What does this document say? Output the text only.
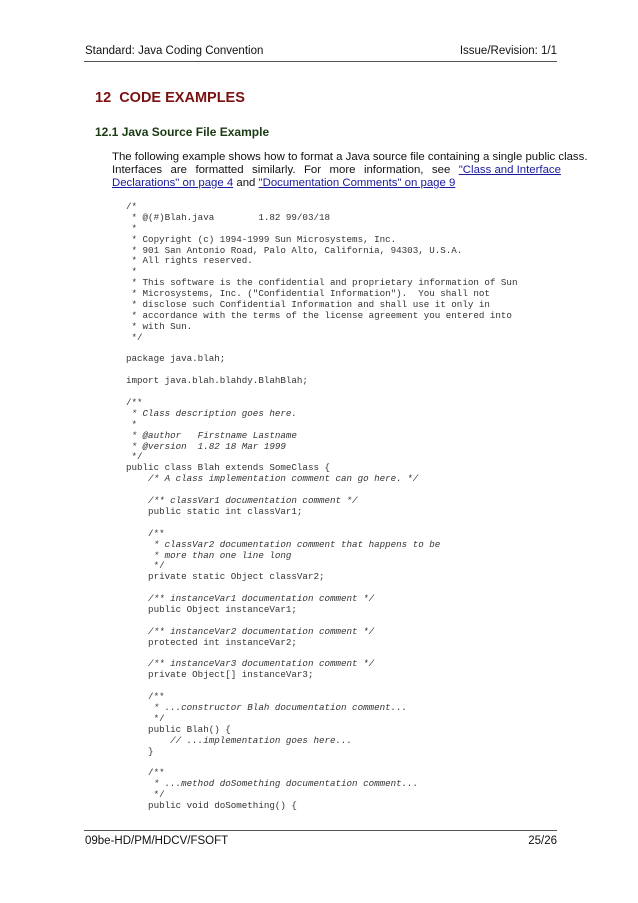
Standard: Java Coding Convention	Issue/Revision: 1/1
12 CODE EXAMPLES
12.1 Java Source File Example
The following example shows how to format a Java source file containing a single public class.
Interfaces are formatted similarly. For more information, see "Class and Interface
Declarations" on page 4 and "Documentation Comments" on page 9
/*
* @(#)Blah.java        1.82 99/03/18
*
* Copyright (c) 1994-1999 Sun Microsystems, Inc.
* 901 San Antonio Road, Palo Alto, California, 94303, U.S.A.
* All rights reserved.
*
* This software is the confidential and proprietary information of Sun
* Microsystems, Inc. ("Confidential Information").  You shall not
* disclose such Confidential Information and shall use it only in
* accordance with the terms of the license agreement you entered into
* with Sun.
*/
package java.blah;
import java.blah.blahdy.BlahBlah;
/**
* Class description goes here.
*
* @author   Firstname Lastname
* @version  1.82 18 Mar 1999
*/
public class Blah extends SomeClass {
/* A class implementation comment can go here. */
/** classVar1 documentation comment */
public static int classVar1;
/**
* classVar2 documentation comment that happens to be
* more than one line long
*/
private static Object classVar2;
/** instanceVar1 documentation comment */
public Object instanceVar1;
/** instanceVar2 documentation comment */
protected int instanceVar2;
/** instanceVar3 documentation comment */
private Object[] instanceVar3;
/**
* ...constructor Blah documentation comment...
*/
public Blah() {
// ...implementation goes here...
}
/**
* ...method doSomething documentation comment...
*/
public void doSomething() {
09be-HD/PM/HDCV/FSOFT	25/26
